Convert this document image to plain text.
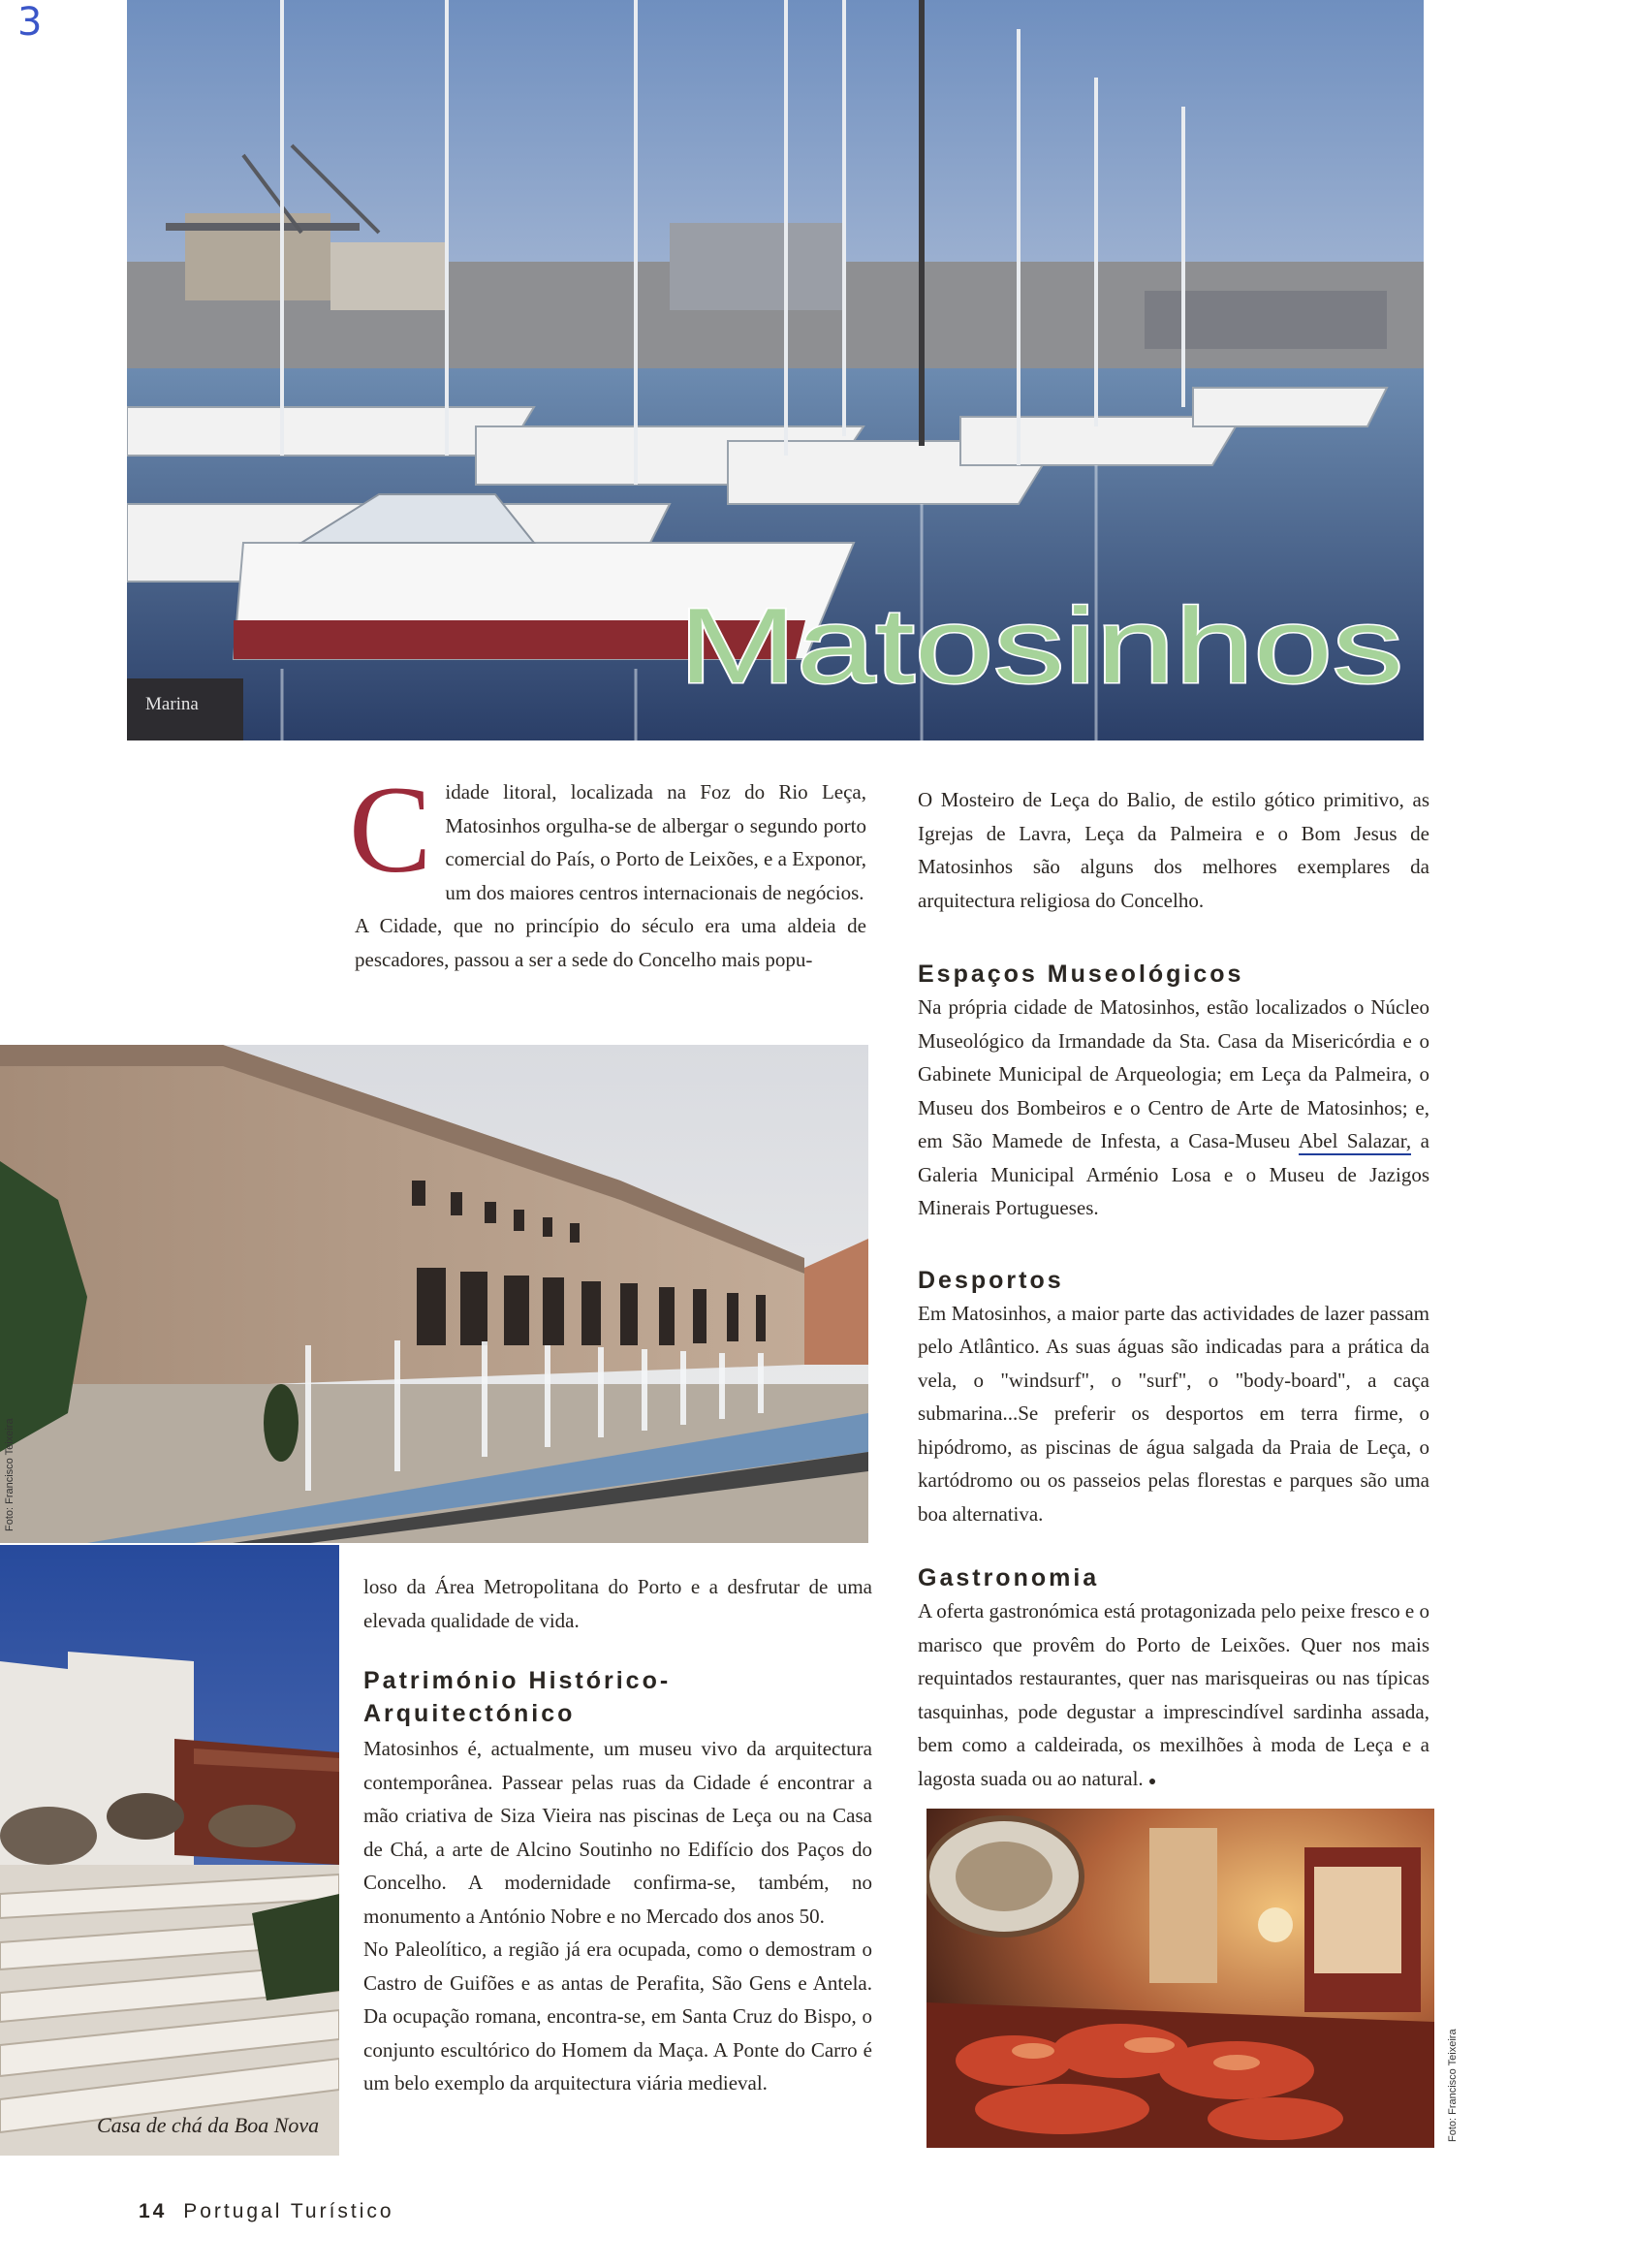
3
Matosinhos
Marina

C idade litoral, localizada na Foz do Rio Leça, Matosinhos orgulha-se de albergar o segundo porto comercial do País, o Porto de Leixões, e a Exponor, um dos maiores centros internacionais de negócios.

A Cidade, que no princípio do século era uma aldeia de pescadores, passou a ser a sede do Concelho mais popu-

Foto: Francisco Teixeira
Casa de chá da Boa Nova

loso da Área Metropolitana do Porto e a desfrutar de uma elevada qualidade de vida.

Património Histórico-Arquitectónico

Matosinhos é, actualmente, um museu vivo da arquitectura contemporânea. Passear pelas ruas da Cidade é encontrar a mão criativa de Siza Vieira nas piscinas de Leça ou na Casa de Chá, a arte de Alcino Soutinho no Edifício dos Paços do Concelho. A modernidade confirma-se, também, no monumento a António Nobre e no Mercado dos anos 50.

No Paleolítico, a região já era ocupada, como o demostram o Castro de Guifões e as antas de Perafita, São Gens e Antela. Da ocupação romana, encontra-se, em Santa Cruz do Bispo, o conjunto escultórico do Homem da Maça. A Ponte do Carro é um belo exemplo da arquitectura viária medieval.

O Mosteiro de Leça do Balio, de estilo gótico primitivo, as Igrejas de Lavra, Leça da Palmeira e o Bom Jesus de Matosinhos são alguns dos melhores exemplares da arquitectura religiosa do Concelho.

Espaços Museológicos

Na própria cidade de Matosinhos, estão localizados o Núcleo Museológico da Irmandade da Sta. Casa da Misericórdia e o Gabinete Municipal de Arqueologia; em Leça da Palmeira, o Museu dos Bombeiros e o Centro de Arte de Matosinhos; e, em São Mamede de Infesta, a Casa-Museu Abel Salazar, a Galeria Municipal Arménio Losa e o Museu de Jazigos Minerais Portugueses.

Desportos

Em Matosinhos, a maior parte das actividades de lazer passam pelo Atlântico. As suas águas são indicadas para a prática da vela, o "windsurf", o "surf", o "body-board", a caça submarina...Se preferir os desportos em terra firme, o hipódromo, as piscinas de água salgada da Praia de Leça, o kartódromo ou os passeios pelas florestas e parques são uma boa alternativa.

Gastronomia

A oferta gastronómica está protagonizada pelo peixe fresco e o marisco que provêm do Porto de Leixões. Quer nos mais requintados restaurantes, quer nas marisqueiras ou nas típicas tasquinhas, pode degustar a imprescindível sardinha assada, bem como a caldeirada, os mexilhões à moda de Leça e a lagosta suada ou ao natural. ●

Foto: Francisco Teixeira
14 Portugal Turístico
